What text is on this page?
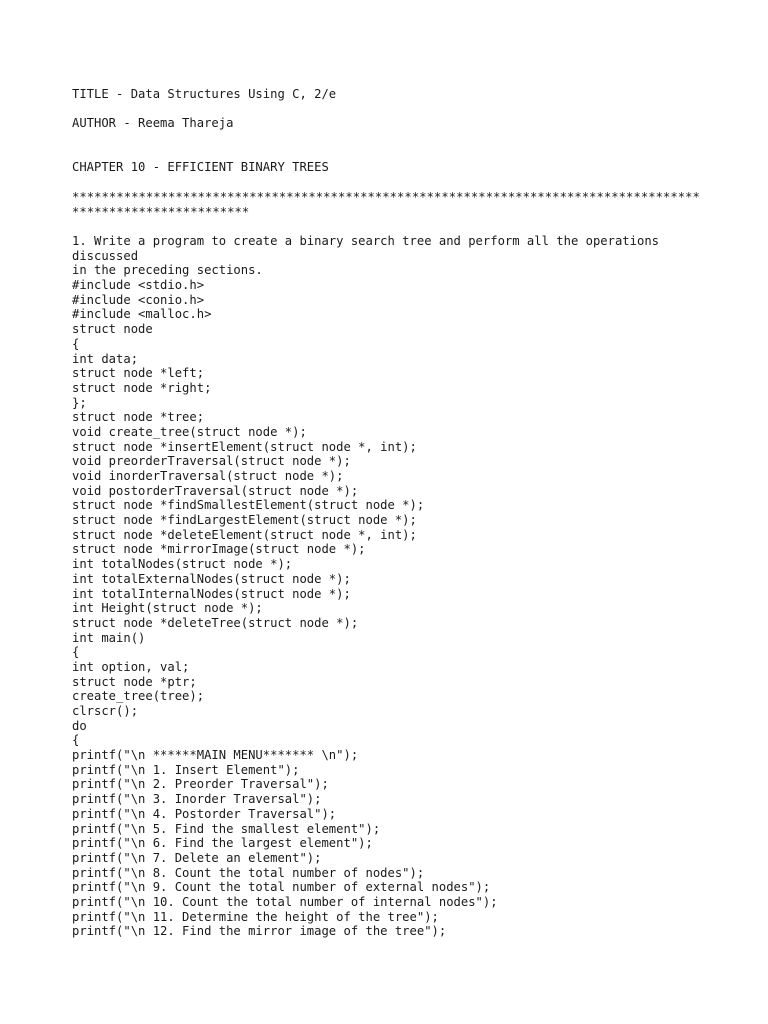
TITLE - Data Structures Using C, 2/e
AUTHOR - Reema Thareja
CHAPTER 10 - EFFICIENT BINARY TREES
*************************************************************************************************************
1. Write a program to create a binary search tree and perform all the operations
discussed
in the preceding sections.
#include <stdio.h>
#include <conio.h>
#include <malloc.h>
struct node
{
int data;
struct node *left;
struct node *right;
};
struct node *tree;
void create_tree(struct node *);
struct node *insertElement(struct node *, int);
void preorderTraversal(struct node *);
void inorderTraversal(struct node *);
void postorderTraversal(struct node *);
struct node *findSmallestElement(struct node *);
struct node *findLargestElement(struct node *);
struct node *deleteElement(struct node *, int);
struct node *mirrorImage(struct node *);
int totalNodes(struct node *);
int totalExternalNodes(struct node *);
int totalInternalNodes(struct node *);
int Height(struct node *);
struct node *deleteTree(struct node *);
int main()
{
int option, val;
struct node *ptr;
create_tree(tree);
clrscr();
do
{
printf("\n ******MAIN MENU******* \n");
printf("\n 1. Insert Element");
printf("\n 2. Preorder Traversal");
printf("\n 3. Inorder Traversal");
printf("\n 4. Postorder Traversal");
printf("\n 5. Find the smallest element");
printf("\n 6. Find the largest element");
printf("\n 7. Delete an element");
printf("\n 8. Count the total number of nodes");
printf("\n 9. Count the total number of external nodes");
printf("\n 10. Count the total number of internal nodes");
printf("\n 11. Determine the height of the tree");
printf("\n 12. Find the mirror image of the tree");
